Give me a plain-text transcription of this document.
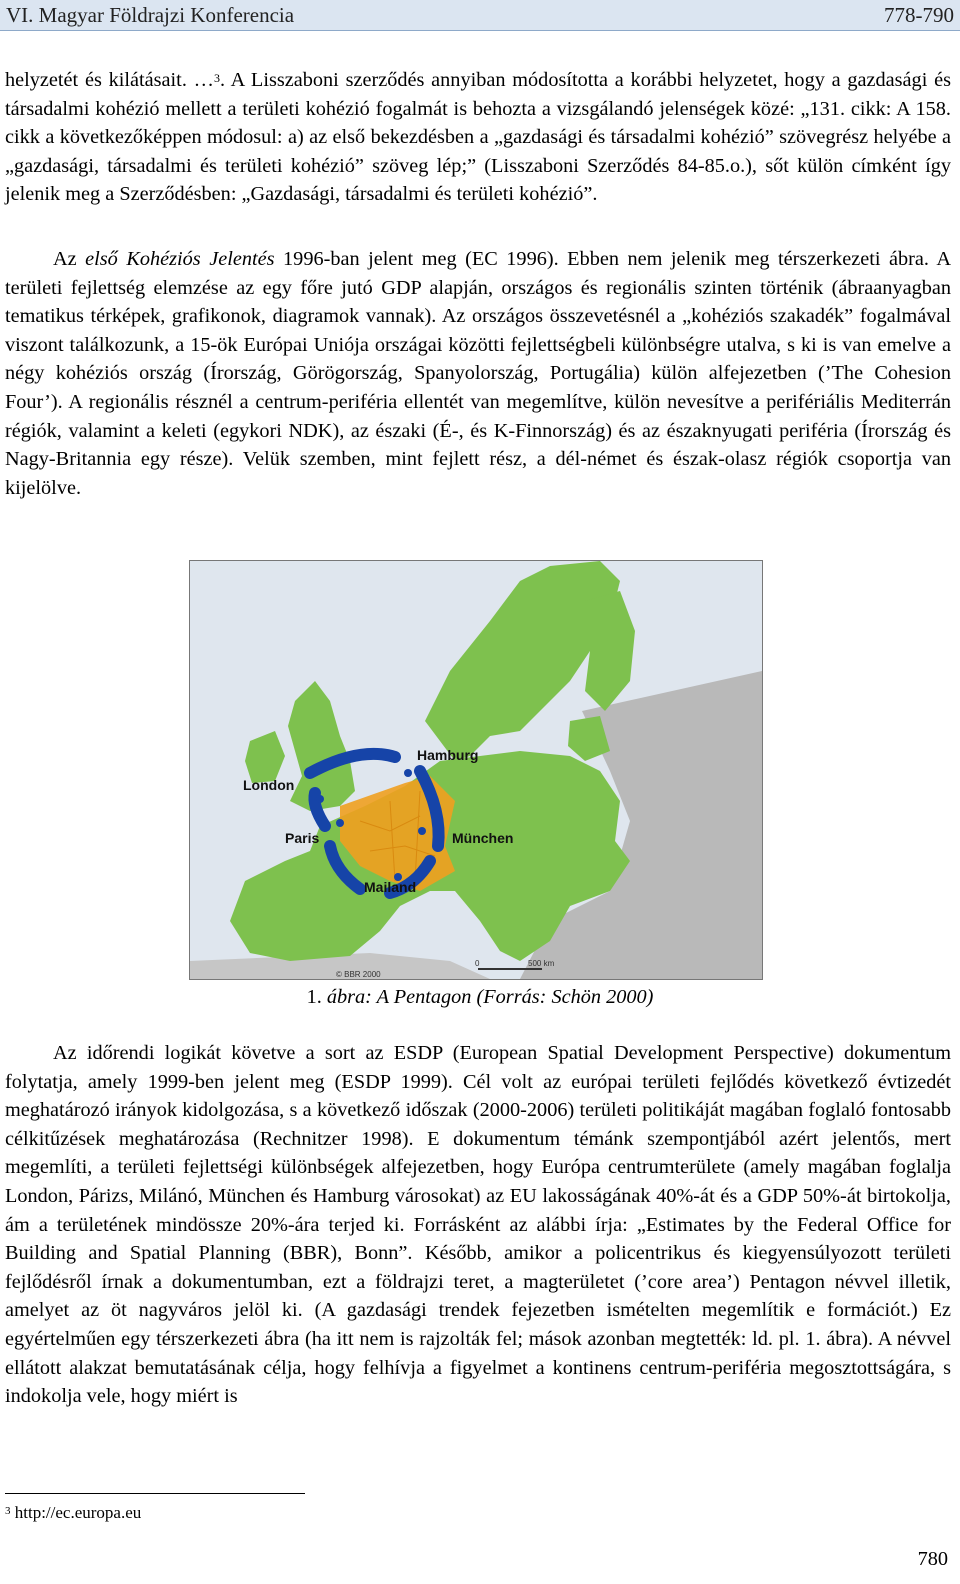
VI. Magyar Földrajzi Konferencia	778-790

helyzetét és kilátásait. …$^3$. A Lisszaboni szerződés annyiban módosította a korábbi helyzetet, hogy a gazdasági és társadalmi kohézió mellett a területi kohézió fogalmát is behozta a vizsgálandó jelenségek közé: „131. cikk: A 158. cikk a következőképpen módosul: a) az első bekezdésben a „gazdasági és társadalmi kohézió” szövegrész helyébe a „gazdasági, társadalmi és területi kohézió” szöveg lép;” (Lisszaboni Szerződés 84-85.o.), sőt külön címként így jelenik meg a Szerződésben: „Gazdasági, társadalmi és területi kohézió”.

Az első Kohéziós Jelentés 1996-ban jelent meg (EC 1996). Ebben nem jelenik meg térszerkezeti ábra. A területi fejlettség elemzése az egy főre jutó GDP alapján, országos és regionális szinten történik (ábraanyagban tematikus térképek, grafikonok, diagramok vannak). Az országos összevetésnél a „kohéziós szakadék” fogalmával viszont találkozunk, a 15-ök Európai Uniója országai közötti fejlettségbeli különbségre utalva, s ki is van emelve a négy kohéziós ország (Írország, Görögország, Spanyolország, Portugália) külön alfejezetben (’The Cohesion Four’). A regionális résznél a centrum-periféria ellentét van megemlítve, külön nevesítve a perifériális Mediterrán régiók, valamint a keleti (egykori NDK), az északi (É-, és K-Finnország) és az északnyugati periféria (Írország és Nagy-Britannia egy része). Velük szemben, mint fejlett rész, a dél-német és észak-olasz régiók csoportja van kijelölve.

London
Hamburg
Paris	München
Mailand
© BBR 2000
0	500 km
1. ábra: A Pentagon (Forrás: Schön 2000)

Az időrendi logikát követve a sort az ESDP (European Spatial Development Perspective) dokumentum folytatja, amely 1999-ben jelent meg (ESDP 1999). Cél volt az európai területi fejlődés következő évtizedét meghatározó irányok kidolgozása, s a következő időszak (2000-2006) területi politikáját magában foglaló fontosabb célkitűzések meghatározása (Rechnitzer 1998). E dokumentum témánk szempontjából azért jelentős, mert megemlíti, a területi fejlettségi különbségek alfejezetben, hogy Európa centrumterülete (amely magában foglalja London, Párizs, Milánó, München és Hamburg városokat) az EU lakosságának 40%-át és a GDP 50%-át birtokolja, ám a területének mindössze 20%-ára terjed ki. Forrásként az alábbi írja: „Estimates by the Federal Office for Building and Spatial Planning (BBR), Bonn”. Később, amikor a policentrikus és kiegyensúlyozott területi fejlődésről írnak a dokumentumban, ezt a földrajzi teret, a magterületet (’core area’) Pentagon névvel illetik, amelyet az öt nagyváros jelöl ki. (A gazdasági trendek fejezetben ismételten megemlítik e formációt.) Ez egyértelműen egy térszerkezeti ábra (ha itt nem is rajzolták fel; mások azonban megtették: ld. pl. 1. ábra). A névvel ellátott alakzat bemutatásának célja, hogy felhívja a figyelmet a kontinens centrum-periféria megosztottságára, s indokolja vele, hogy miért is

$^3$ http://ec.europa.eu
780
